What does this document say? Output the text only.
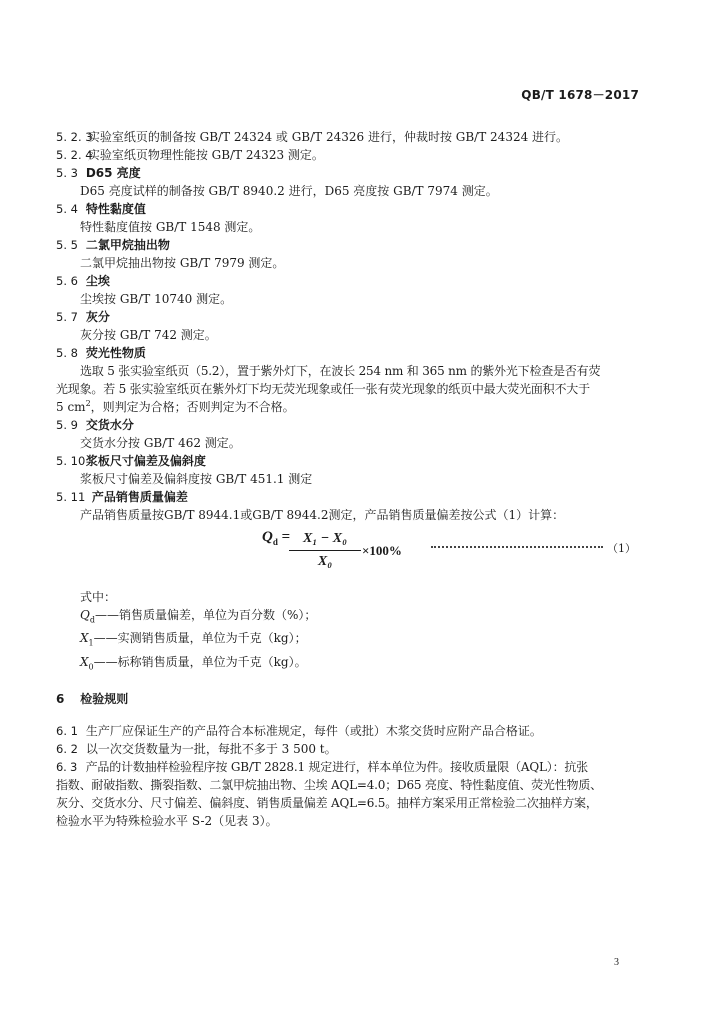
QB/T 1678－2017
5. 2. 3 实验室纸页的制备按 GB/T 24324 或 GB/T 24326 进行，仲裁时按 GB/T 24324 进行。
5. 2. 4 实验室纸页物理性能按 GB/T 24323 测定。
5. 3 D65 亮度
D65 亮度试样的制备按 GB/T 8940.2 进行，D65 亮度按 GB/T 7974 测定。
5. 4 特性黏度值
特性黏度值按 GB/T 1548 测定。
5. 5 二氯甲烷抽出物
二氯甲烷抽出物按 GB/T 7979 测定。
5. 6 尘埃
尘埃按 GB/T 10740 测定。
5. 7 灰分
灰分按 GB/T 742 测定。
5. 8 荧光性物质
选取 5 张实验室纸页（5.2），置于紫外灯下，在波长 254 nm 和 365 nm 的紫外光下检查是否有荧
光现象。若 5 张实验室纸页在紫外灯下均无荧光现象或任一张有荧光现象的纸页中最大荧光面积不大于
5 $cm^2$，则判定为合格；否则判定为不合格。
5. 9 交货水分
交货水分按 GB/T 462 测定。
5. 10 浆板尺寸偏差及偏斜度
浆板尺寸偏差及偏斜度按 GB/T 451.1 测定
5. 11 产品销售质量偏差
产品销售质量按GB/T 8944.1或GB/T 8944.2测定，产品销售质量偏差按公式（1）计算：
$Q_d$ =
$\frac{\text{X₁ − X₀}}{\text{X₀}} \times 100\%$	（1）
式中：
$Q_d——$销售质量偏差，单位为百分数（%）；
$X_1——$实测销售质量，单位为千克（kg）；
$X_0——$标称销售质量，单位为千克（kg）。
6 检验规则
6. 1 生产厂应保证生产的产品符合本标准规定，每件（或批）木浆交货时应附产品合格证。
6. 2 以一次交货数量为一批，每批不多于 3 500 t。
6. 3 产品的计数抽样检验程序按 GB/T 2828.1 规定进行，样本单位为件。接收质量限（AQL）：抗张
指数、耐破指数、撕裂指数、二氯甲烷抽出物、尘埃 AQL=4.0；D65 亮度、特性黏度值、荧光性物质、
灰分、交货水分、尺寸偏差、偏斜度、销售质量偏差 AQL=6.5。抽样方案采用正常检验二次抽样方案，
检验水平为特殊检验水平 S-2（见表 3）。
3
